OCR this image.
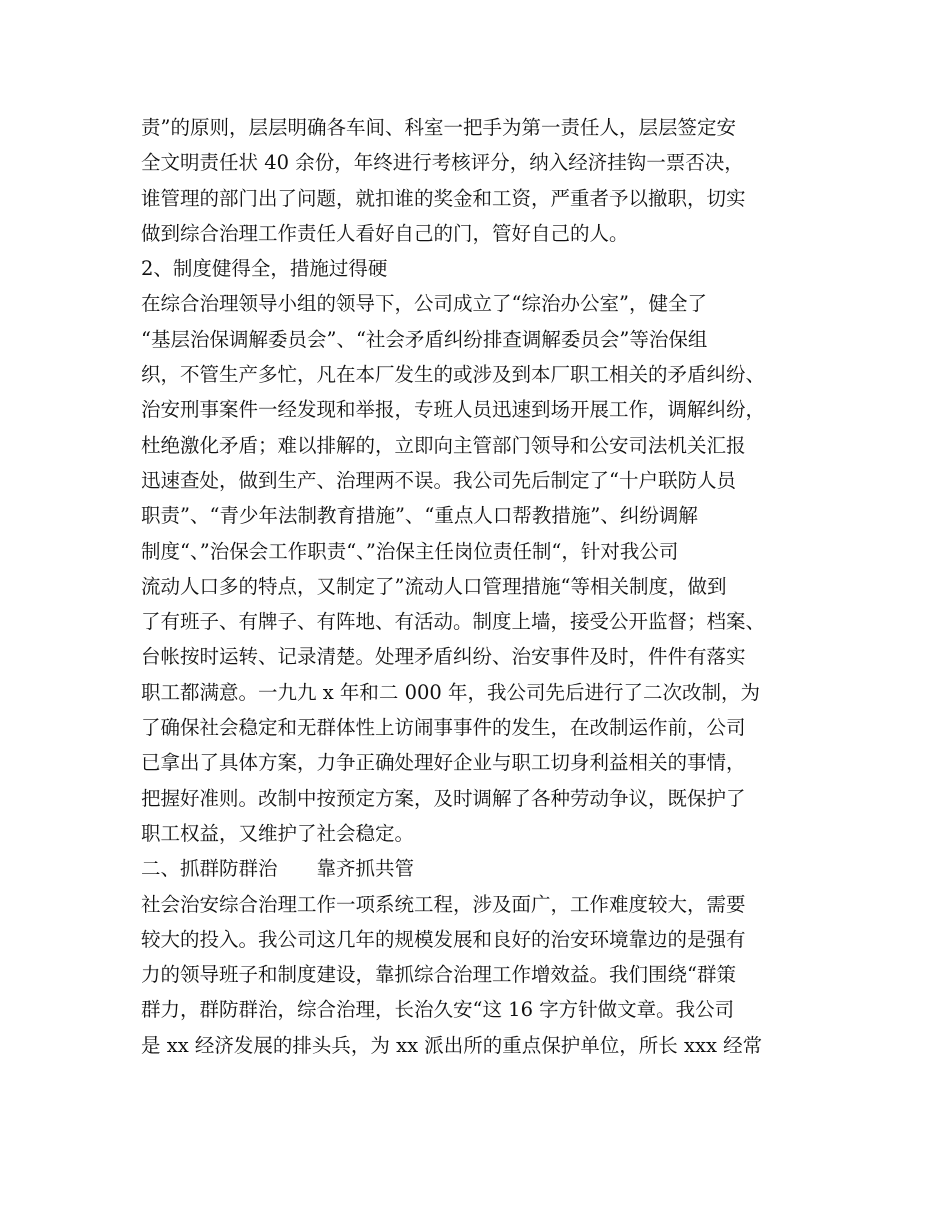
责”的原则，层层明确各车间、科室一把手为第一责任人，层层签定安
全文明责任状 40 余份，年终进行考核评分，纳入经济挂钩一票否决，
谁管理的部门出了问题，就扣谁的奖金和工资，严重者予以撤职，切实
做到综合治理工作责任人看好自己的门，管好自己的人。
2、制度健得全，措施过得硬
在综合治理领导小组的领导下，公司成立了“综治办公室”，健全了
“基层治保调解委员会”、“社会矛盾纠纷排查调解委员会”等治保组
织，不管生产多忙，凡在本厂发生的或涉及到本厂职工相关的矛盾纠纷、
治安刑事案件一经发现和举报，专班人员迅速到场开展工作，调解纠纷，
杜绝激化矛盾；难以排解的，立即向主管部门领导和公安司法机关汇报
迅速查处，做到生产、治理两不误。我公司先后制定了“十户联防人员
职责”、“青少年法制教育措施”、“重点人口帮教措施”、纠纷调解
制度“、”治保会工作职责“、”治保主任岗位责任制“，针对我公司
流动人口多的特点，又制定了”流动人口管理措施“等相关制度，做到
了有班子、有牌子、有阵地、有活动。制度上墙，接受公开监督；档案、
台帐按时运转、记录清楚。处理矛盾纠纷、治安事件及时，件件有落实
职工都满意。一九九 x 年和二 000 年，我公司先后进行了二次改制，为
了确保社会稳定和无群体性上访闹事事件的发生，在改制运作前，公司
已拿出了具体方案，力争正确处理好企业与职工切身利益相关的事情，
把握好准则。改制中按预定方案，及时调解了各种劳动争议，既保护了
职工权益，又维护了社会稳定。
二、抓群防群治　　靠齐抓共管
社会治安综合治理工作一项系统工程，涉及面广，工作难度较大，需要
较大的投入。我公司这几年的规模发展和良好的治安环境靠边的是强有
力的领导班子和制度建设，靠抓综合治理工作增效益。我们围绕“群策
群力，群防群治，综合治理，长治久安“这 16 字方针做文章。我公司
是 xx 经济发展的排头兵，为 xx 派出所的重点保护单位，所长 xxx 经常
